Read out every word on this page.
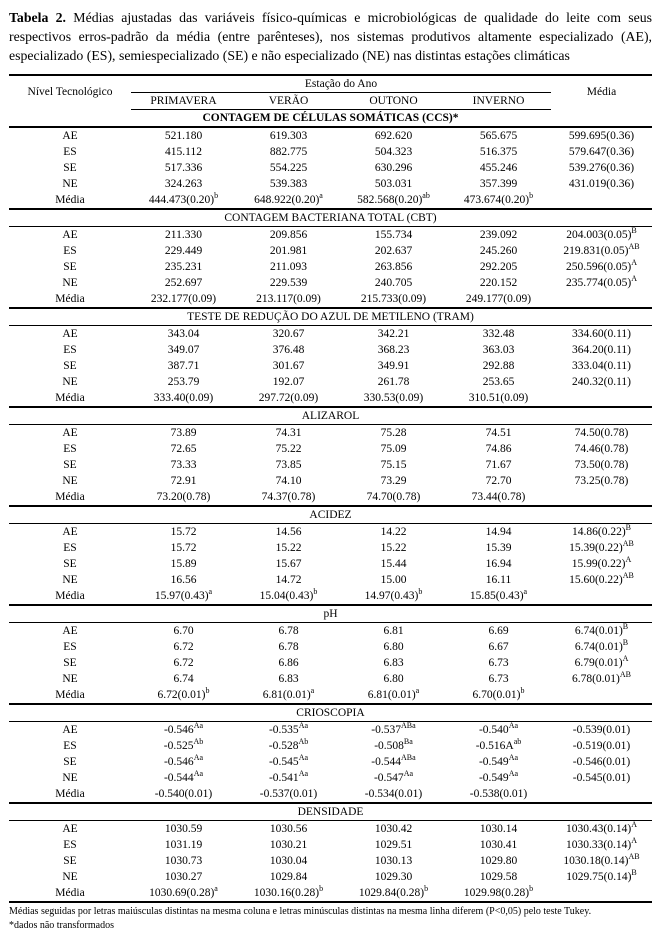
Tabela 2. Médias ajustadas das variáveis físico-químicas e microbiológicas de qualidade do leite com seus respectivos erros-padrão da média (entre parênteses), nos sistemas produtivos altamente especializado (AE), especializado (ES), semiespecializado (SE) e não especializado (NE) nas distintas estações climáticas

Nível Tecnológico	Estação do Ano				Média
	PRIMAVERA	VERÃO	OUTONO	INVERNO	
CONTAGEM DE CÉLULAS SOMÁTICAS (CCS)*					
AE	521.180	619.303	692.620	565.675	599.695(0.36)
ES	415.112	882.775	504.323	516.375	579.647(0.36)
SE	517.336	554.225	630.296	455.246	539.276(0.36)
NE	324.263	539.383	503.031	357.399	431.019(0.36)
Média	$444.473(0.20)^b$	$648.922(0.20)^a$	$582.568(0.20)^{ab}$	$473.674(0.20)^b$	
CONTAGEM BACTERIANA TOTAL (CBT)					
AE	211.330	209.856	155.734	239.092	$204.003(0.05)^B$
ES	229.449	201.981	202.637	245.260	$219.831(0.05)^{AB}$
SE	235.231	211.093	263.856	292.205	$250.596(0.05)^A$
NE	252.697	229.539	240.705	220.152	$235.774(0.05)^A$
Média	232.177(0.09)	213.117(0.09)	215.733(0.09)	249.177(0.09)	
TESTE DE REDUÇÃO DO AZUL DE METILENO (TRAM)					
AE	343.04	320.67	342.21	332.48	334.60(0.11)
ES	349.07	376.48	368.23	363.03	364.20(0.11)
SE	387.71	301.67	349.91	292.88	333.04(0.11)
NE	253.79	192.07	261.78	253.65	240.32(0.11)
Média	333.40(0.09)	297.72(0.09)	330.53(0.09)	310.51(0.09)	
ALIZAROL					
AE	73.89	74.31	75.28	74.51	74.50(0.78)
ES	72.65	75.22	75.09	74.86	74.46(0.78)
SE	73.33	73.85	75.15	71.67	73.50(0.78)
NE	72.91	74.10	73.29	72.70	73.25(0.78)
Média	73.20(0.78)	74.37(0.78)	74.70(0.78)	73.44(0.78)	
ACIDEZ					
AE	15.72	14.56	14.22	14.94	$14.86(0.22)^B$
ES	15.72	15.22	15.22	15.39	$15.39(0.22)^{AB}$
SE	15.89	15.67	15.44	16.94	$15.99(0.22)^A$
NE	16.56	14.72	15.00	16.11	$15.60(0.22)^{AB}$
Média	$15.97(0.43)^a$	$15.04(0.43)^b$	$14.97(0.43)^b$	$15.85(0.43)^a$	
pH					
AE	6.70	6.78	6.81	6.69	$6.74(0.01)^B$
ES	6.72	6.78	6.80	6.67	$6.74(0.01)^B$
SE	6.72	6.86	6.83	6.73	$6.79(0.01)^A$
NE	6.74	6.83	6.80	6.73	$6.78(0.01)^{AB}$
Média	$6.72(0.01)^b$	$6.81(0.01)^a$	$6.81(0.01)^a$	$6.70(0.01)^b$	
CRIOSCOPIA					
AE	$-0.546^{Aa}$	$-0.535^{Aa}$	$-0.537^{ABa}$	$-0.540^{Aa}$	-0.539(0.01)
ES	$-0.525^{Ab}$	$-0.528^{Ab}$	$-0.508^{Ba}$	$-0.516A^{ab}$	-0.519(0.01)
SE	$-0.546^{Aa}$	$-0.545^{Aa}$	$-0.544^{ABa}$	$-0.549^{Aa}$	-0.546(0.01)
NE	$-0.544^{Aa}$	$-0.541^{Aa}$	$-0.547^{Aa}$	$-0.549^{Aa}$	-0.545(0.01)
Média	-0.540(0.01)	-0.537(0.01)	-0.534(0.01)	-0.538(0.01)	
DENSIDADE					
AE	1030.59	1030.56	1030.42	1030.14	$1030.43(0.14)^A$
ES	1031.19	1030.21	1029.51	1030.41	$1030.33(0.14)^A$
SE	1030.73	1030.04	1030.13	1029.80	$1030.18(0.14)^{AB}$
NE	1030.27	1029.84	1029.30	1029.58	$1029.75(0.14)^B$
Média	$1030.69(0.28)^a$	$1030.16(0.28)^b$	$1029.84(0.28)^b$	$1029.98(0.28)^b$	

Médias seguidas por letras maiúsculas distintas na mesma coluna e letras minúsculas distintas na mesma linha diferem (P<0,05) pelo teste Tukey.

*dados não transformados
